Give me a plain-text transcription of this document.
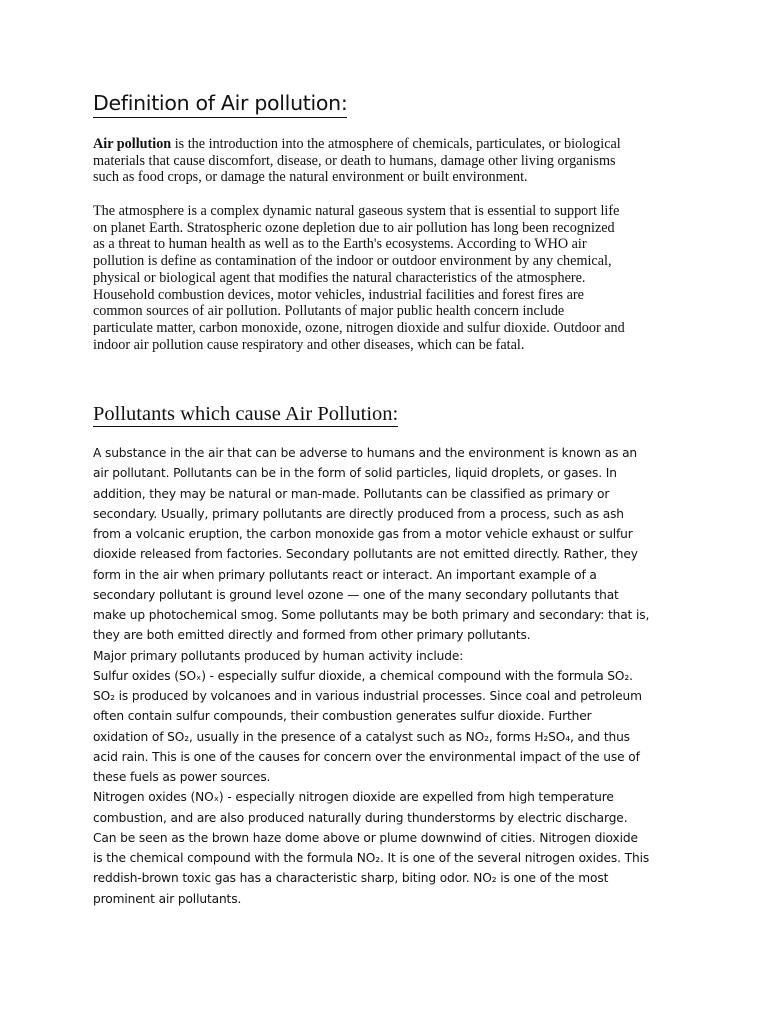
Definition of Air pollution:
Air pollution is the introduction into the atmosphere of chemicals, particulates, or biological
materials that cause discomfort, disease, or death to humans, damage other living organisms
such as food crops, or damage the natural environment or built environment.
The atmosphere is a complex dynamic natural gaseous system that is essential to support life
on planet Earth. Stratospheric ozone depletion due to air pollution has long been recognized
as a threat to human health as well as to the Earth's ecosystems. According to WHO air
pollution is define as contamination of the indoor or outdoor environment by any chemical,
physical or biological agent that modifies the natural characteristics of the atmosphere.
Household combustion devices, motor vehicles, industrial facilities and forest fires are
common sources of air pollution. Pollutants of major public health concern include
particulate matter, carbon monoxide, ozone, nitrogen dioxide and sulfur dioxide. Outdoor and
indoor air pollution cause respiratory and other diseases, which can be fatal.
Pollutants which cause Air Pollution:
A substance in the air that can be adverse to humans and the environment is known as an
air pollutant. Pollutants can be in the form of solid particles, liquid droplets, or gases. In
addition, they may be natural or man-made. Pollutants can be classified as primary or
secondary. Usually, primary pollutants are directly produced from a process, such as ash
from a volcanic eruption, the carbon monoxide gas from a motor vehicle exhaust or sulfur
dioxide released from factories. Secondary pollutants are not emitted directly. Rather, they
form in the air when primary pollutants react or interact. An important example of a
secondary pollutant is ground level ozone — one of the many secondary pollutants that
make up photochemical smog. Some pollutants may be both primary and secondary: that is,
they are both emitted directly and formed from other primary pollutants.
Major primary pollutants produced by human activity include:
Sulfur oxides (SOₓ) - especially sulfur dioxide, a chemical compound with the formula SO₂.
SO₂ is produced by volcanoes and in various industrial processes. Since coal and petroleum
often contain sulfur compounds, their combustion generates sulfur dioxide. Further
oxidation of SO₂, usually in the presence of a catalyst such as NO₂, forms H₂SO₄, and thus
acid rain. This is one of the causes for concern over the environmental impact of the use of
these fuels as power sources.
Nitrogen oxides (NOₓ) - especially nitrogen dioxide are expelled from high temperature
combustion, and are also produced naturally during thunderstorms by electric discharge.
Can be seen as the brown haze dome above or plume downwind of cities. Nitrogen dioxide
is the chemical compound with the formula NO₂. It is one of the several nitrogen oxides. This
reddish-brown toxic gas has a characteristic sharp, biting odor. NO₂ is one of the most
prominent air pollutants.
